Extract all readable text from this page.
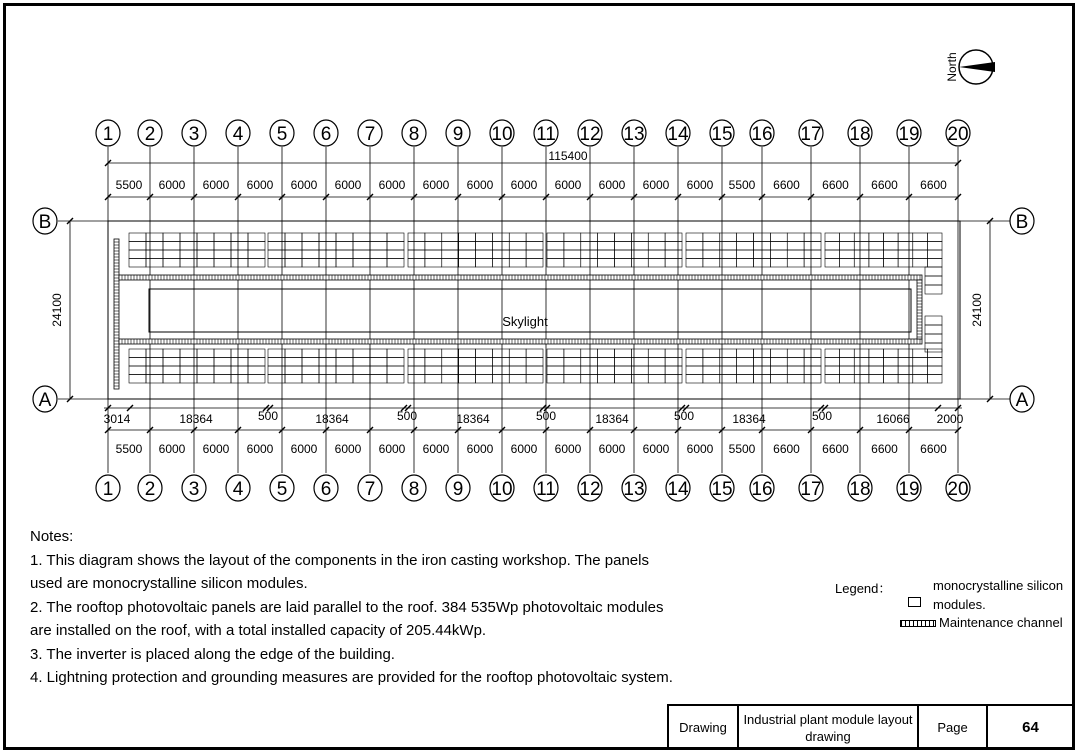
North
115400
5500 6000 6000 6000 6000 6000 6000 6000 6000 6000 6000 6000 6000 6000 5500 6600 6600 6600 6600
5500 6000 6000 6000 6000 6000 6000 6000 6000 6000 6000 6000 6000 6000 5500 6600 6600 6600 6600
3014	18364	500	18364	500	18364	500	18364	500	18364	500	16066 2000
24100	24100
Skylight
1
1
2
2
3
3
4
4
5
5
6
6
7
7
8
8
9
9
10
10
11
11
12
12
13
13
14
14
15
15
16
16
17
17
18
18
19
19
20
20
A	A
B	B

Notes:

1. This diagram shows the layout of the components in the iron casting workshop. The panels used are monocrystalline silicon modules.

2. The rooftop photovoltaic panels are laid parallel to the roof. 384 535Wp photovoltaic modules are installed on the roof, with a total installed capacity of 205.44kWp.

3. The inverter is placed along the edge of the building.

4. Lightning protection and grounding measures are provided for the rooftop photovoltaic system.

Legend：	monocrystalline silicon modules.
Maintenance channel
Drawing
Industrial plant module layout drawing
Page	64
